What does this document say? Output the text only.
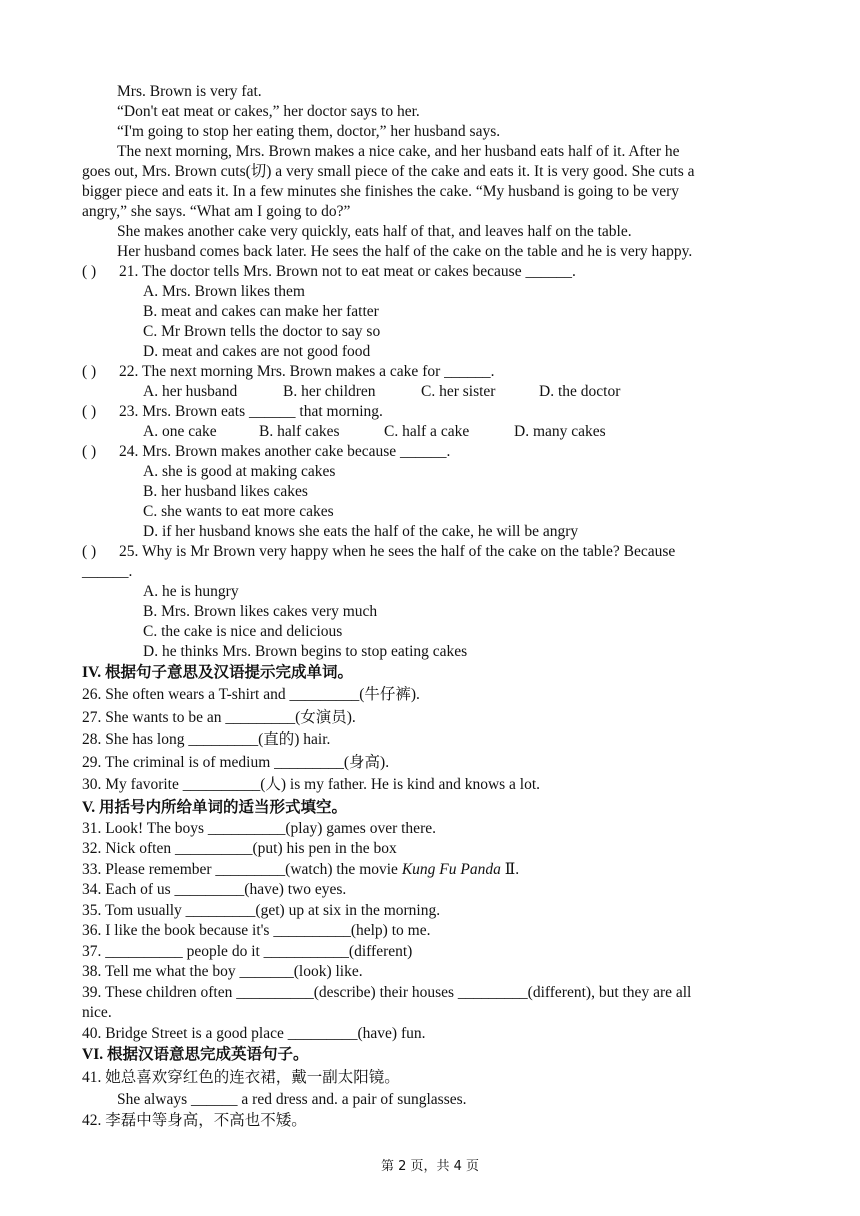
Mrs. Brown is very fat.
“Don't eat meat or cakes,” her doctor says to her.
“I'm going to stop her eating them, doctor,” her husband says.
The next morning, Mrs. Brown makes a nice cake, and her husband eats half of it. After he
goes out, Mrs. Brown cuts(切) a very small piece of the cake and eats it. It is very good. She cuts a
bigger piece and eats it. In a few minutes she finishes the cake. “My husband is going to be very
angry,” she says. “What am I going to do?”
She makes another cake very quickly, eats half of that, and leaves half on the table.
Her husband comes back later. He sees the half of the cake on the table and he is very happy.
( ) 21. The doctor tells Mrs. Brown not to eat meat or cakes because ______.
A. Mrs. Brown likes them
B. meat and cakes can make her fatter
C. Mr Brown tells the doctor to say so
D. meat and cakes are not good food
( ) 22. The next morning Mrs. Brown makes a cake for ______.
A. her husband	B. her children	C. her sister	D. the doctor
( ) 23. Mrs. Brown eats ______ that morning.
A. one cake	B. half cakes	C. half a cake	D. many cakes
( ) 24. Mrs. Brown makes another cake because ______.
A. she is good at making cakes
B. her husband likes cakes
C. she wants to eat more cakes
D. if her husband knows she eats the half of the cake, he will be angry
( ) 25. Why is Mr Brown very happy when he sees the half of the cake on the table? Because
______.
A. he is hungry
B. Mrs. Brown likes cakes very much
C. the cake is nice and delicious
D. he thinks Mrs. Brown begins to stop eating cakes
IV. 根据句子意思及汉语提示完成单词。
26. She often wears a T-shirt and _________(牛仔裤).
27. She wants to be an _________(女演员).
28. She has long _________(直的) hair.
29. The criminal is of medium _________(身高).
30. My favorite __________(人) is my father. He is kind and knows a lot.
V. 用括号内所给单词的适当形式填空。
31. Look! The boys __________(play) games over there.
32. Nick often __________(put) his pen in the box
33. Please remember _________(watch) the movie Kung Fu Panda Ⅱ.
34. Each of us _________(have) two eyes.
35. Tom usually _________(get) up at six in the morning.
36. I like the book because it's __________(help) to me.
37. __________ people do it ___________(different)
38. Tell me what the boy _______(look) like.
39. These children often __________(describe) their houses _________(different), but they are all
nice.
40. Bridge Street is a good place _________(have) fun.
VI. 根据汉语意思完成英语句子。
41. 她总喜欢穿红色的连衣裙，戴一副太阳镜。
She always ______ a red dress and. a pair of sunglasses.
42. 李磊中等身高，不高也不矮。
第 2 页，共 4 页
